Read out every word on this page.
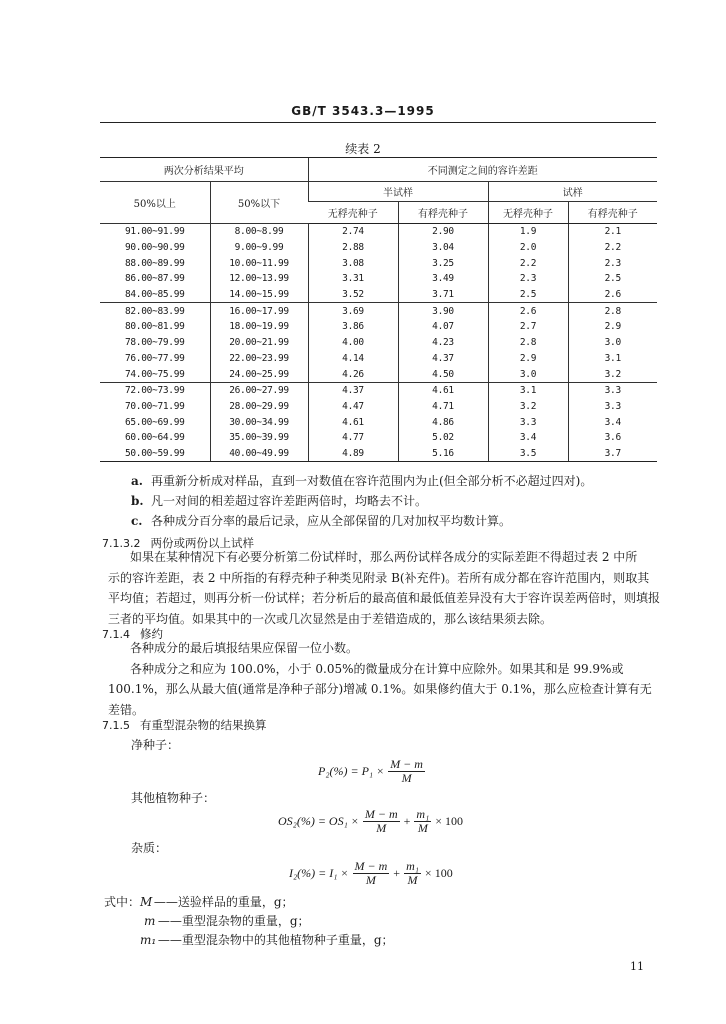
GB/T 3543.3—1995
续表 2
两次分析结果平均		不同测定之间的容许差距			
50%以上	50%以下	半试样		试样	
		无稃壳种子	有稃壳种子	无稃壳种子	有稃壳种子
91.00~91.99	8.00~8.99	2.74	2.90	1.9	2.1
90.00~90.99	9.00~9.99	2.88	3.04	2.0	2.2
88.00~89.99	10.00~11.99	3.08	3.25	2.2	2.3
86.00~87.99	12.00~13.99	3.31	3.49	2.3	2.5
84.00~85.99	14.00~15.99	3.52	3.71	2.5	2.6
82.00~83.99	16.00~17.99	3.69	3.90	2.6	2.8
80.00~81.99	18.00~19.99	3.86	4.07	2.7	2.9
78.00~79.99	20.00~21.99	4.00	4.23	2.8	3.0
76.00~77.99	22.00~23.99	4.14	4.37	2.9	3.1
74.00~75.99	24.00~25.99	4.26	4.50	3.0	3.2
72.00~73.99	26.00~27.99	4.37	4.61	3.1	3.3
70.00~71.99	28.00~29.99	4.47	4.71	3.2	3.3
65.00~69.99	30.00~34.99	4.61	4.86	3.3	3.4
60.00~64.99	35.00~39.99	4.77	5.02	3.4	3.6
50.00~59.99	40.00~49.99	4.89	5.16	3.5	3.7
a. 再重新分析成对样品，直到一对数值在容许范围内为止(但全部分析不必超过四对)。
b. 凡一对间的相差超过容许差距两倍时，均略去不计。
c. 各种成分百分率的最后记录，应从全部保留的几对加权平均数计算。
7.1.3.2 两份或两份以上试样
如果在某种情况下有必要分析第二份试样时，那么两份试样各成分的实际差距不得超过表 2 中所
示的容许差距，表 2 中所指的有稃壳种子种类见附录 B(补充件)。若所有成分都在容许范围内，则取其
平均值；若超过，则再分析一份试样；若分析后的最高值和最低值差异没有大于容许误差两倍时，则填报
三者的平均值。如果其中的一次或几次显然是由于差错造成的，那么该结果须去除。
7.1.4 修约
各种成分的最后填报结果应保留一位小数。
各种成分之和应为 100.0%，小于 0.05%的微量成分在计算中应除外。如果其和是 99.9%或
100.1%，那么从最大值(通常是净种子部分)增减 0.1%。如果修约值大于 0.1%，那么应检查计算有无
差错。
7.1.5 有重型混杂物的结果换算
净种子：
$P_2(\%) = P_1 \times \frac{M - m}{M}$
其他植物种子：
$OS_2(\%) = OS_1 \times \frac{M - m}{M} + \frac{\text{m₁}}{M} \times 100$
杂质：
$I_2(\%) = I_1 \times \frac{M - m}{M} + \frac{\text{m₁}}{M} \times 100$
式中： M ——送验样品的重量，g；
m ——重型混杂物的重量，g；
m₁ ——重型混杂物中的其他植物种子重量，g；
11
